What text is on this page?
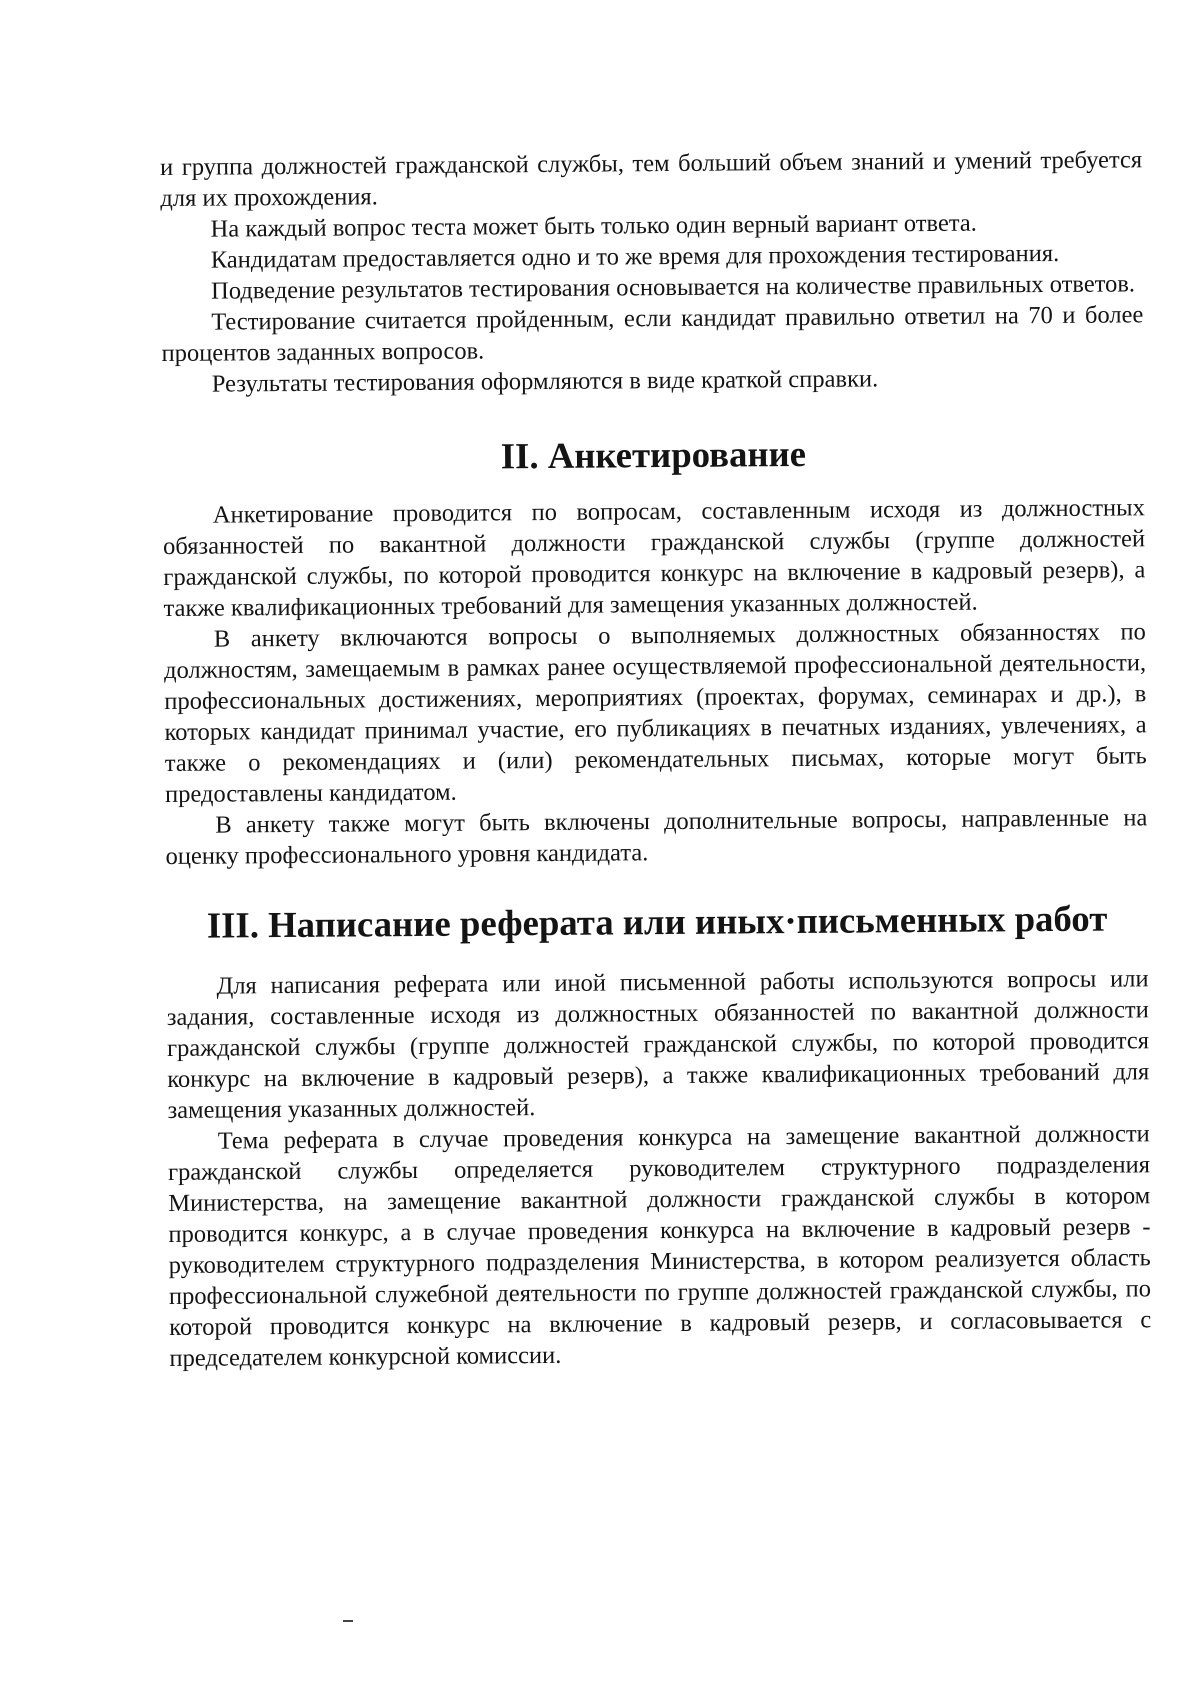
и группа должностей гражданской службы, тем больший объем знаний и умений требуется для их прохождения.

На каждый вопрос теста может быть только один верный вариант ответа.

Кандидатам предоставляется одно и то же время для прохождения тестирования.

Подведение результатов тестирования основывается на количестве правильных ответов.

Тестирование считается пройденным, если кандидат правильно ответил на 70 и более процентов заданных вопросов.

Результаты тестирования оформляются в виде краткой справки.

II. Анкетирование

Анкетирование проводится по вопросам, составленным исходя из должностных обязанностей по вакантной должности гражданской службы (группе должностей гражданской службы, по которой проводится конкурс на включение в кадровый резерв), а также квалификационных требований для замещения указанных должностей.

В анкету включаются вопросы о выполняемых должностных обязанностях по должностям, замещаемым в рамках ранее осуществляемой профессиональной деятельности, профессиональных достижениях, мероприятиях (проектах, форумах, семинарах и др.), в которых кандидат принимал участие, его публикациях в печатных изданиях, увлечениях, а также о рекомендациях и (или) рекомендательных письмах, которые могут быть предоставлены кандидатом.

В анкету также могут быть включены дополнительные вопросы, направленные на оценку профессионального уровня кандидата.

III. Написание реферата или иных·письменных работ

Для написания реферата или иной письменной работы используются вопросы или задания, составленные исходя из должностных обязанностей по вакантной должности гражданской службы (группе должностей гражданской службы, по которой проводится конкурс на включение в кадровый резерв), а также квалификационных требований для замещения указанных должностей.

Тема реферата в случае проведения конкурса на замещение вакантной должности гражданской службы определяется руководителем структурного подразделения Министерства, на замещение вакантной должности гражданской службы в котором проводится конкурс, а в случае проведения конкурса на включение в кадровый резерв - руководителем структурного подразделения Министерства, в котором реализуется область профессиональной служебной деятельности по группе должностей гражданской службы, по которой проводится конкурс на включение в кадровый резерв, и согласовывается с председателем конкурсной комиссии.
